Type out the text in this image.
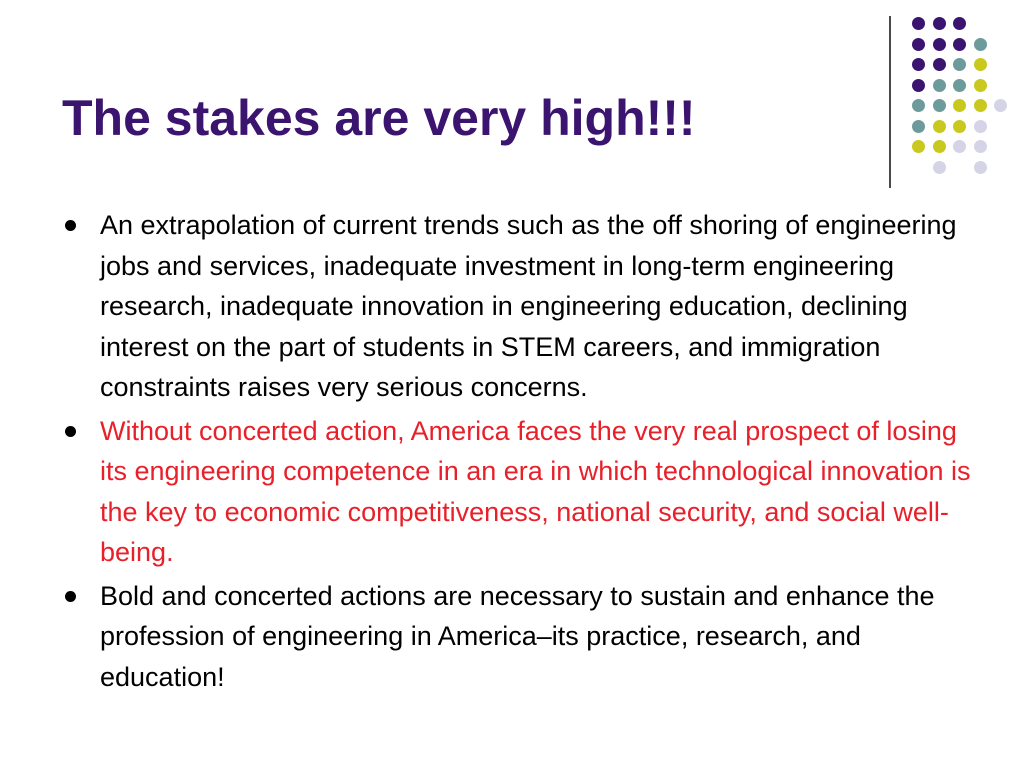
The stakes are very high!!!
An extrapolation of current trends such as the off shoring of engineering jobs and services, inadequate investment in long-term engineering research, inadequate innovation in engineering education, declining interest on the part of students in STEM careers, and immigration constraints raises very serious concerns.
Without concerted action, America faces the very real prospect of losing its engineering competence in an era in which technological innovation is the key to economic competitiveness, national security, and social well-being.
Bold and concerted actions are necessary to sustain and enhance the profession of engineering in America–its practice, research, and education!
